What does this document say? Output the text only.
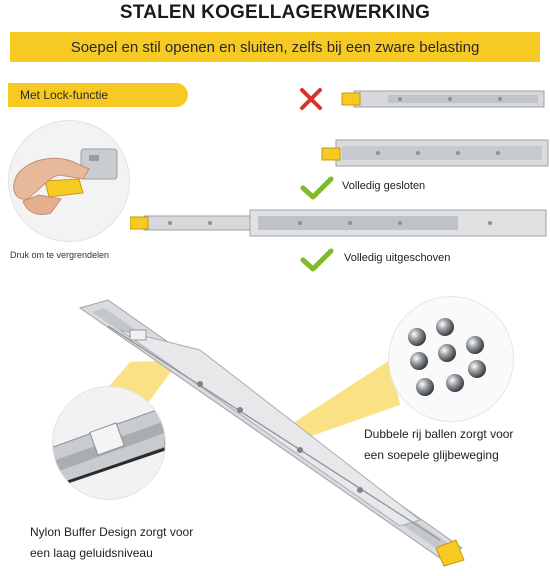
STALEN KOGELLAGERWERKING
Soepel en stil openen en sluiten, zelfs bij een zware belasting
Met Lock-functie
Druk om te vergrendelen
Volledig gesloten
Volledig uitgeschoven
Dubbele rij ballen zorgt voor
een soepele glijbeweging
Nylon Buffer Design zorgt voor
een laag geluidsniveau
